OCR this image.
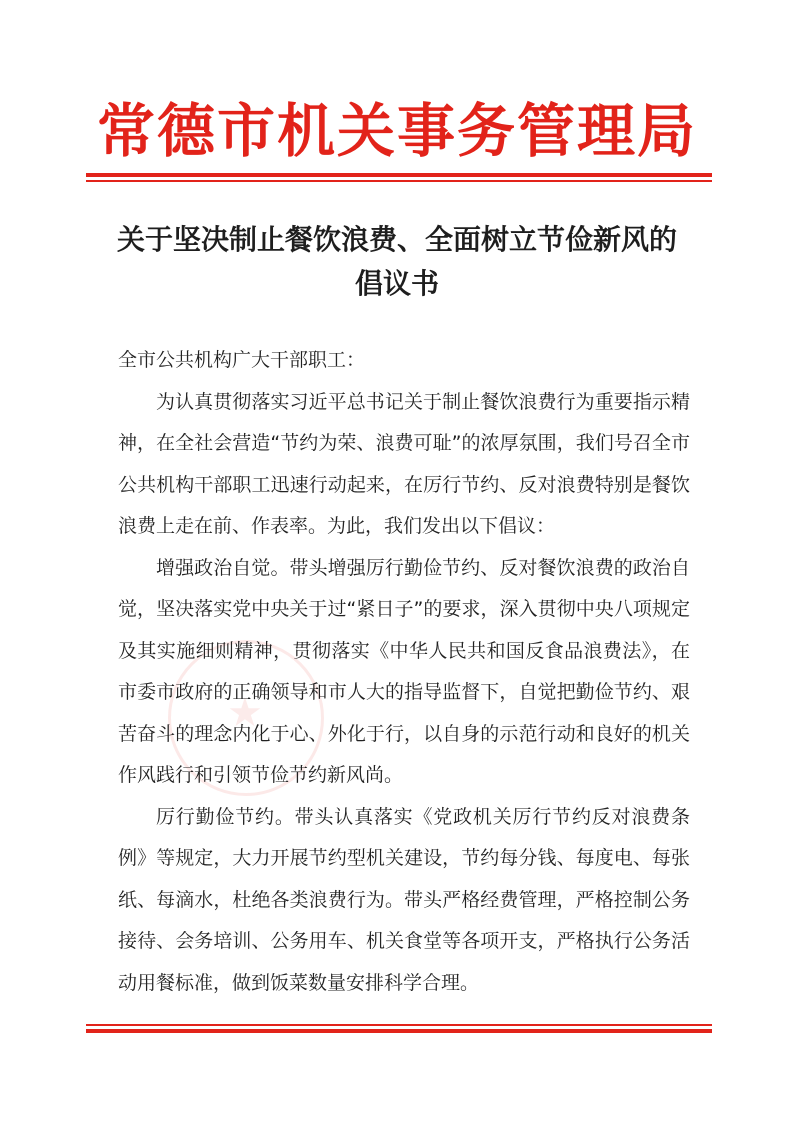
常德市机关事务管理局
关于坚决制止餐饮浪费、全面树立节俭新风的
倡议书
★

全市公共机构广大干部职工：

为认真贯彻落实习近平总书记关于制止餐饮浪费行为重要指示精神，在全社会营造“节约为荣、浪费可耻”的浓厚氛围，我们号召全市公共机构干部职工迅速行动起来，在厉行节约、反对浪费特别是餐饮浪费上走在前、作表率。为此，我们发出以下倡议：

增强政治自觉。带头增强厉行勤俭节约、反对餐饮浪费的政治自觉，坚决落实党中央关于过“紧日子”的要求，深入贯彻中央八项规定及其实施细则精神，贯彻落实《中华人民共和国反食品浪费法》，在市委市政府的正确领导和市人大的指导监督下，自觉把勤俭节约、艰苦奋斗的理念内化于心、外化于行，以自身的示范行动和良好的机关作风践行和引领节俭节约新风尚。

厉行勤俭节约。带头认真落实《党政机关厉行节约反对浪费条例》等规定，大力开展节约型机关建设，节约每分钱、每度电、每张纸、每滴水，杜绝各类浪费行为。带头严格经费管理，严格控制公务接待、会务培训、公务用车、机关食堂等各项开支，严格执行公务活动用餐标准，做到饭菜数量安排科学合理。
